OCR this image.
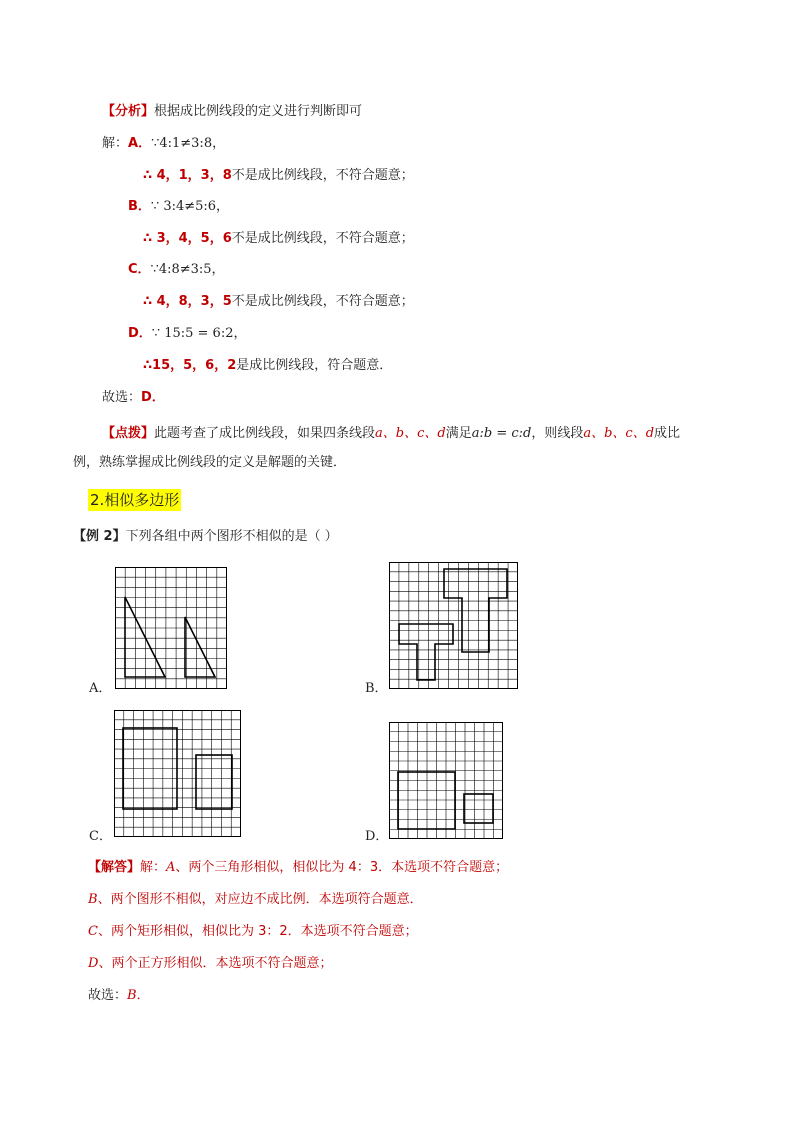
【分析】根据成比例线段的定义进行判断即可
解：A．∵4:1≠3:8，
∴ 4，1，3，8不是成比例线段，不符合题意；
B．∵ 3:4≠5:6，
∴ 3，4，5，6不是成比例线段，不符合题意；
C．∵4:8≠3:5，
∴ 4，8，3，5不是成比例线段，不符合题意；
D．∵ 15:5 = 6:2，
∴15，5，6，2是成比例线段，符合题意．
故选：D．
【点拨】此题考查了成比例线段，如果四条线段a、b、c、d满足a:b = c:d，则线段a、b、c、d成比
例，熟练掌握成比例线段的定义是解题的关键．
2.相似多边形
【例 2】下列各组中两个图形不相似的是（ ）
A．	B．
C．	D．
【解答】解：A、两个三角形相似，相似比为 4：3．本选项不符合题意；
B、两个图形不相似，对应边不成比例．本选项符合题意．
C、两个矩形相似，相似比为 3：2．本选项不符合题意；
D、两个正方形相似．本选项不符合题意；
故选：B．
